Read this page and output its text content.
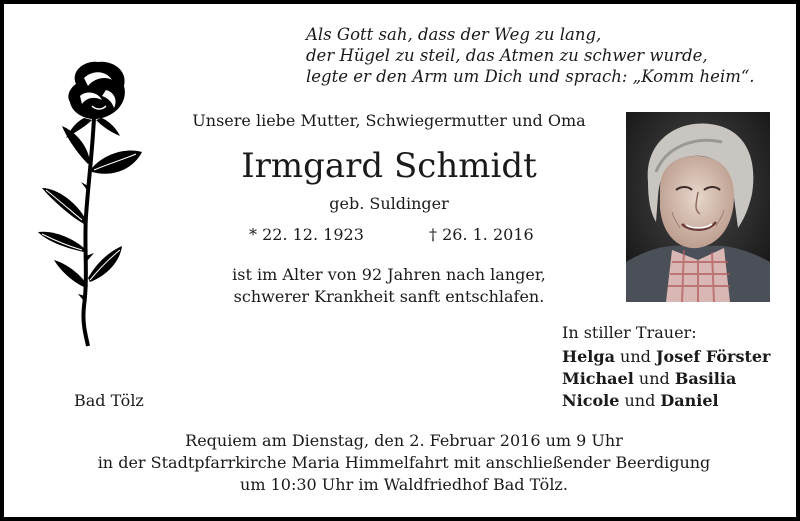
Als Gott sah, dass der Weg zu lang,
der Hügel zu steil, das Atmen zu schwer wurde,
legte er den Arm um Dich und sprach: „Komm heim“.
Unsere liebe Mutter, Schwiegermutter und Oma
Irmgard Schmidt
geb. Suldinger
* 22. 12. 1923	† 26. 1. 2016
ist im Alter von 92 Jahren nach langer,
schwerer Krankheit sanft entschlafen.
In stiller Trauer:
Helga und Josef Förster
Michael und Basilia
Nicole und Daniel
Bad Tölz
Requiem am Dienstag, den 2. Februar 2016 um 9 Uhr
in der Stadtpfarrkirche Maria Himmelfahrt mit anschließender Beerdigung
um 10:30 Uhr im Waldfriedhof Bad Tölz.
